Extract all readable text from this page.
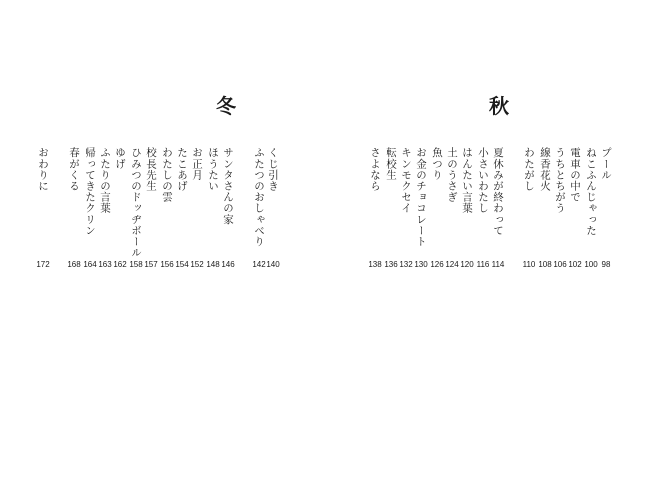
冬
くじ引き
ふたつのおしゃべり
サンタさんの家
ほうたい
お正月
たこあげ
わたしの雲
校長先生
ひみつのドッヂボール
ゆげ
ふたりの言葉
帰ってきたクリン
春がくる
おわりに
140
142
146
148
152
154
156
157
158
162
163
164
168
172
秋
プール
ねこふんじゃった
電車の中で
うちとちがう
線香花火
わたがし
夏休みが終わって
小さいわたし
はんたい言葉
土のうさぎ
魚つり
お金のチョコレート
キンモクセイ
転校生
さよなら
98
100
102
106
108
110
114
116
120
124
126
130
132
136
138
